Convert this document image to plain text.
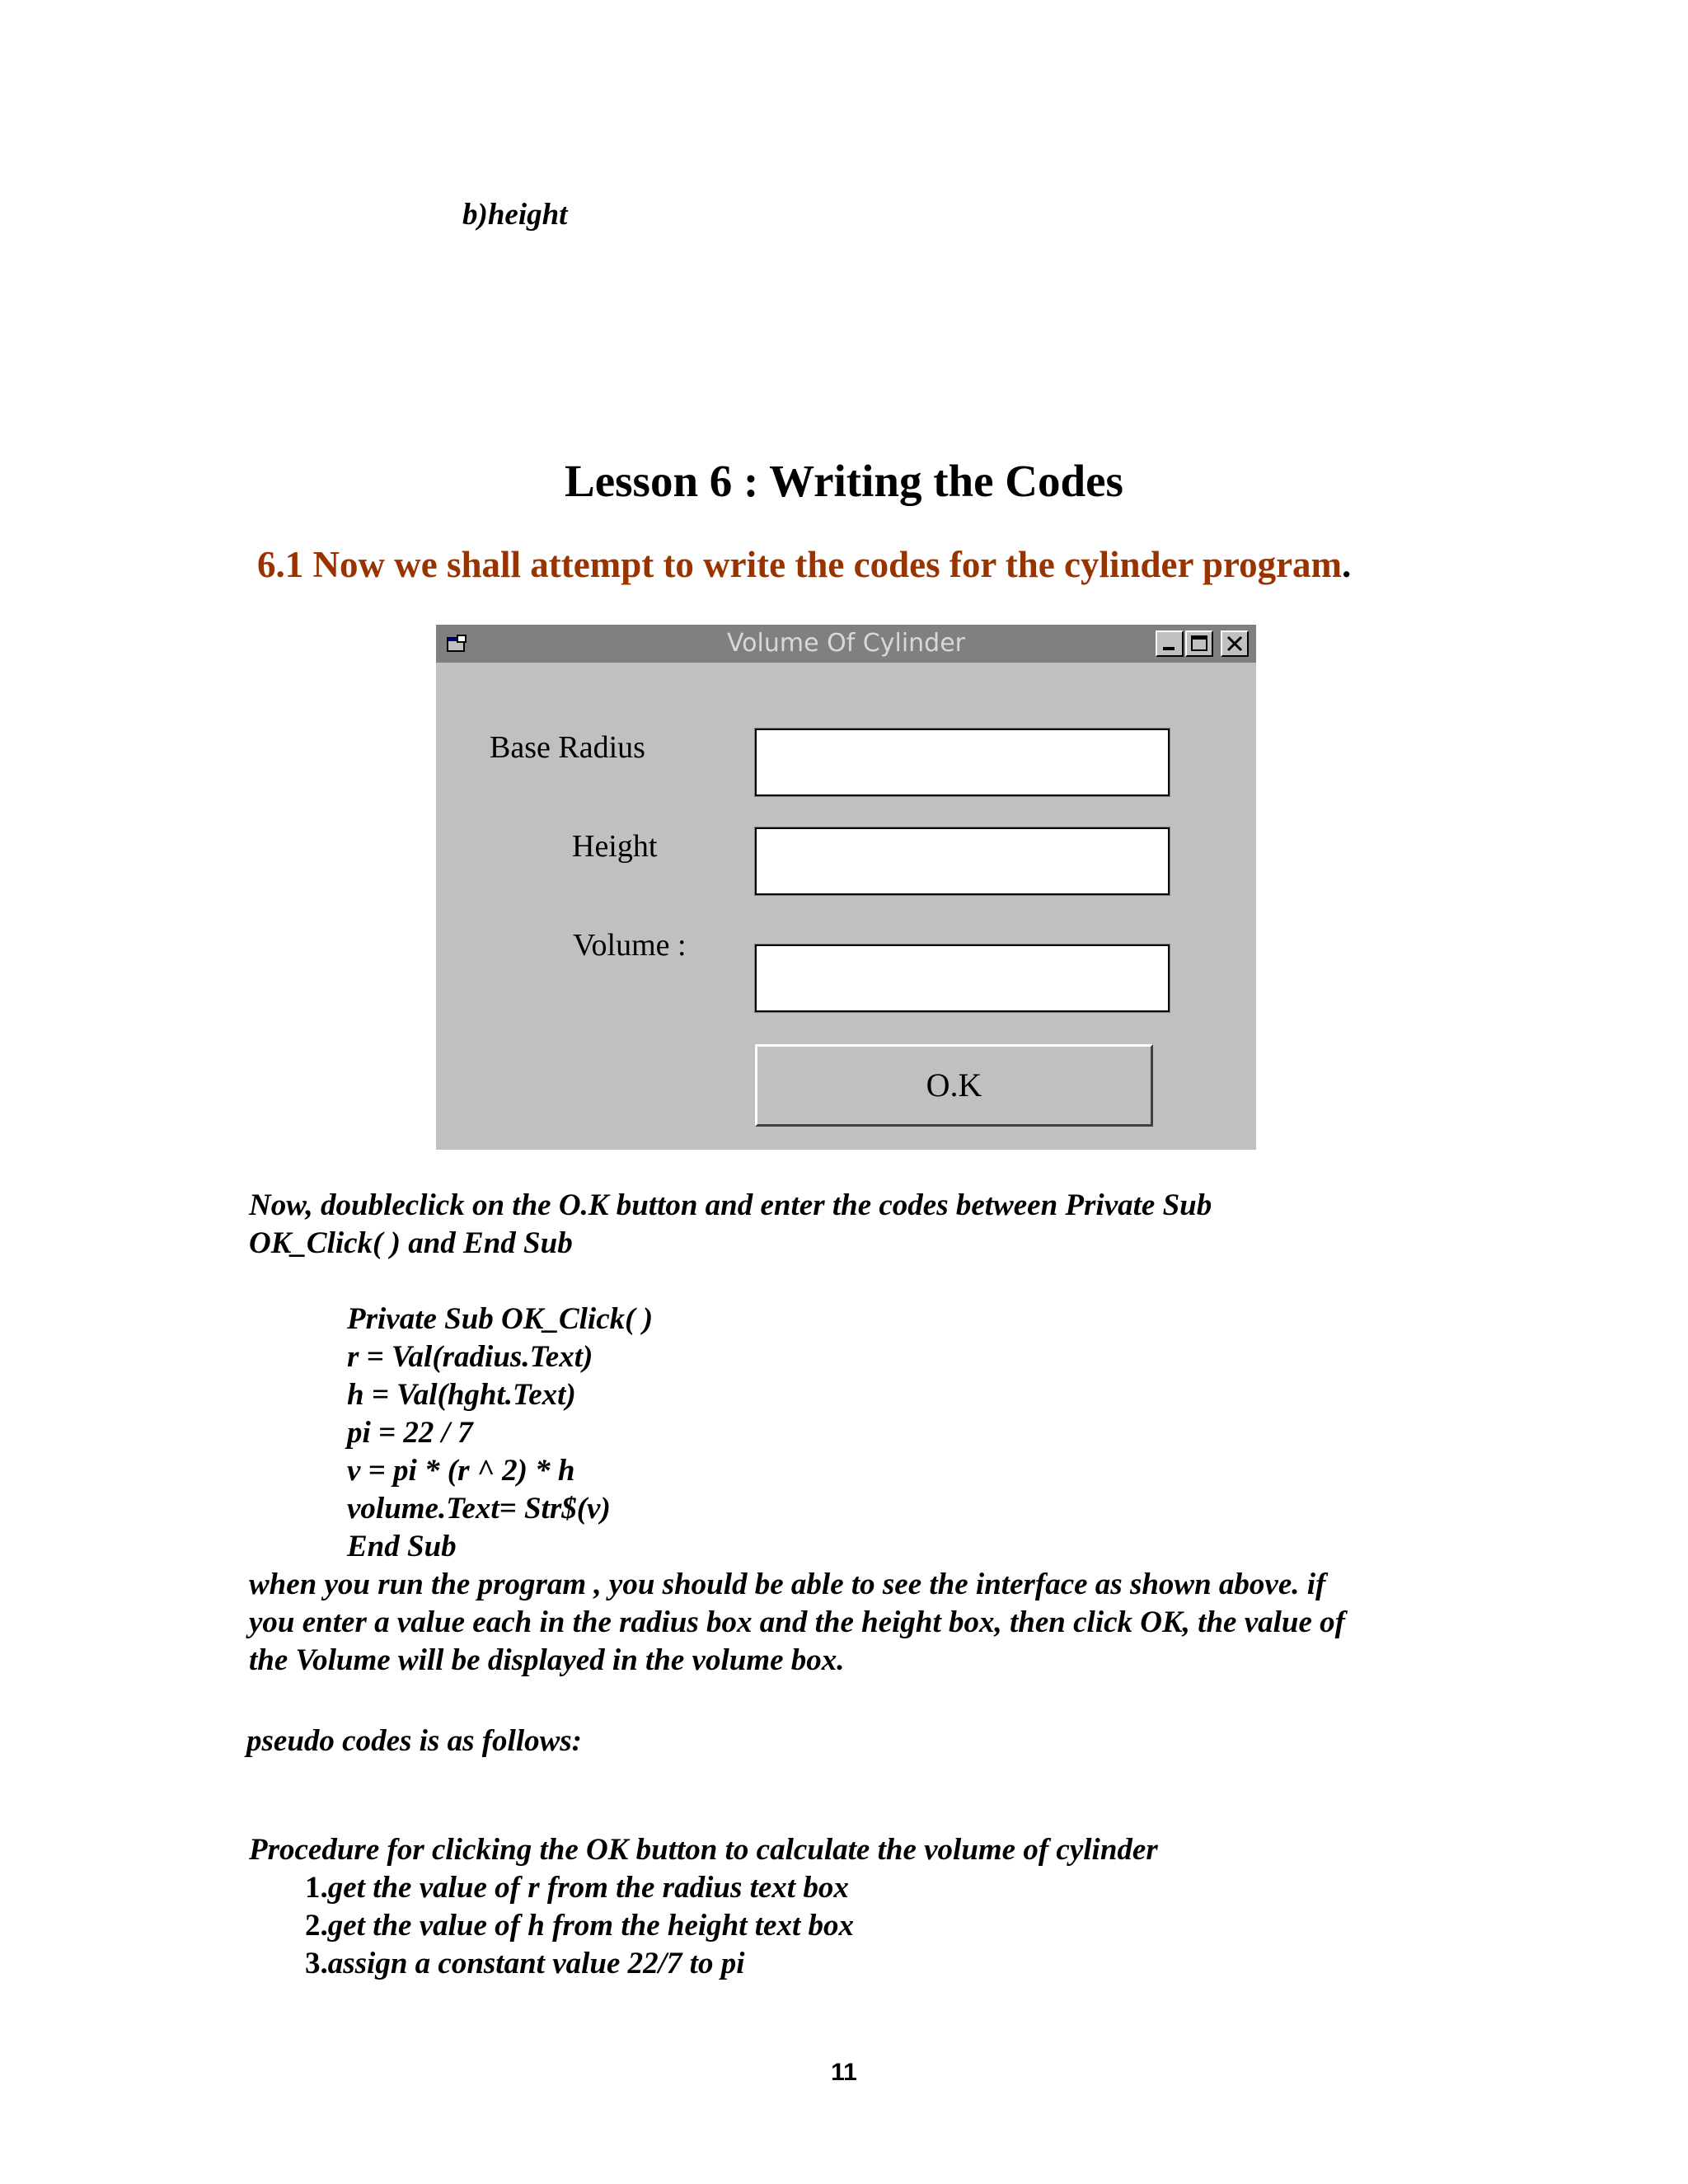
b)height
Lesson 6 : Writing the Codes
6.1 Now we shall attempt to write the codes for the cylinder program.
Volume Of Cylinder
Base Radius
Height
Volume :
O.K
Now, doubleclick on the O.K button and enter the codes between Private Sub
OK_Click( ) and End Sub
Private Sub OK_Click( )
r = Val(radius.Text)
h = Val(hght.Text)
pi = 22 / 7
v = pi * (r ^ 2) * h
volume.Text= Str$(v)
End Sub
when you run the program , you should be able to see the interface as shown above. if
you enter a value each in the radius box and the height box, then click OK, the value of
the Volume will be displayed in the volume box.
pseudo codes is as follows:
Procedure for clicking the OK button to calculate the volume of cylinder
1.get the value of r from the radius text box
2.get the value of h from the height text box
3.assign a constant value 22/7 to pi
11
